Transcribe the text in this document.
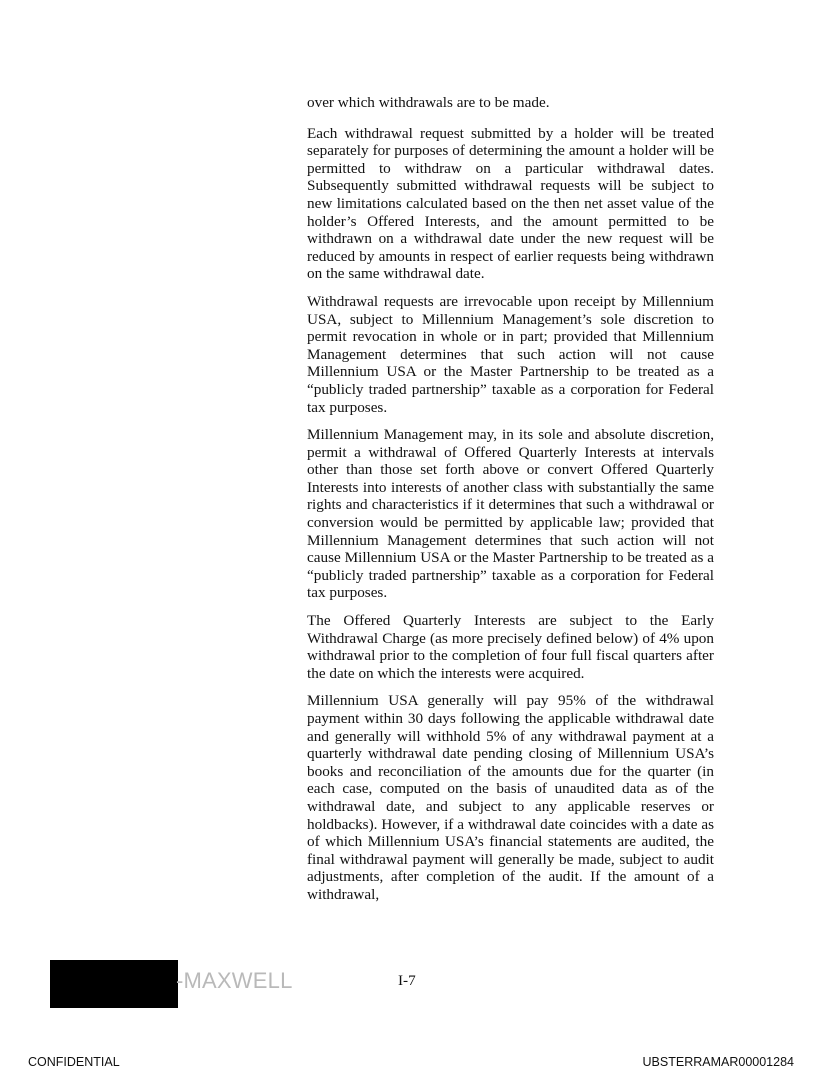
over which withdrawals are to be made.

Each withdrawal request submitted by a holder will be treated separately for purposes of determining the amount a holder will be permitted to withdraw on a particular withdrawal dates. Subsequently submitted withdrawal requests will be subject to new limitations calculated based on the then net asset value of the holder’s Offered Interests, and the amount permitted to be withdrawn on a withdrawal date under the new request will be reduced by amounts in respect of earlier requests being withdrawn on the same withdrawal date.

Withdrawal requests are irrevocable upon receipt by Millennium USA, subject to Millennium Management’s sole discretion to permit revocation in whole or in part; provided that Millennium Management determines that such action will not cause Millennium USA or the Master Partnership to be treated as a “publicly traded partnership” taxable as a corporation for Federal tax purposes.

Millennium Management may, in its sole and absolute discretion, permit a withdrawal of Offered Quarterly Interests at intervals other than those set forth above or convert Offered Quarterly Interests into interests of another class with substantially the same rights and characteristics if it determines that such a withdrawal or conversion would be permitted by applicable law; provided that Millennium Management determines that such action will not cause Millennium USA or the Master Partnership to be treated as a “publicly traded partnership” taxable as a corporation for Federal tax purposes.

The Offered Quarterly Interests are subject to the Early Withdrawal Charge (as more precisely defined below) of 4% upon withdrawal prior to the completion of four full fiscal quarters after the date on which the interests were acquired.

Millennium USA generally will pay 95% of the withdrawal payment within 30 days following the applicable withdrawal date and generally will withhold 5% of any withdrawal payment at a quarterly withdrawal date pending closing of Millennium USA’s books and reconciliation of the amounts due for the quarter (in each case, computed on the basis of unaudited data as of the withdrawal date, and subject to any applicable reserves or holdbacks). However, if a withdrawal date coincides with a date as of which Millennium USA’s financial statements are audited, the final withdrawal payment will generally be made, subject to audit adjustments, after completion of the audit. If the amount of a withdrawal,

-MAXWELL	I-7
CONFIDENTIAL	UBSTERRAMAR00001284
